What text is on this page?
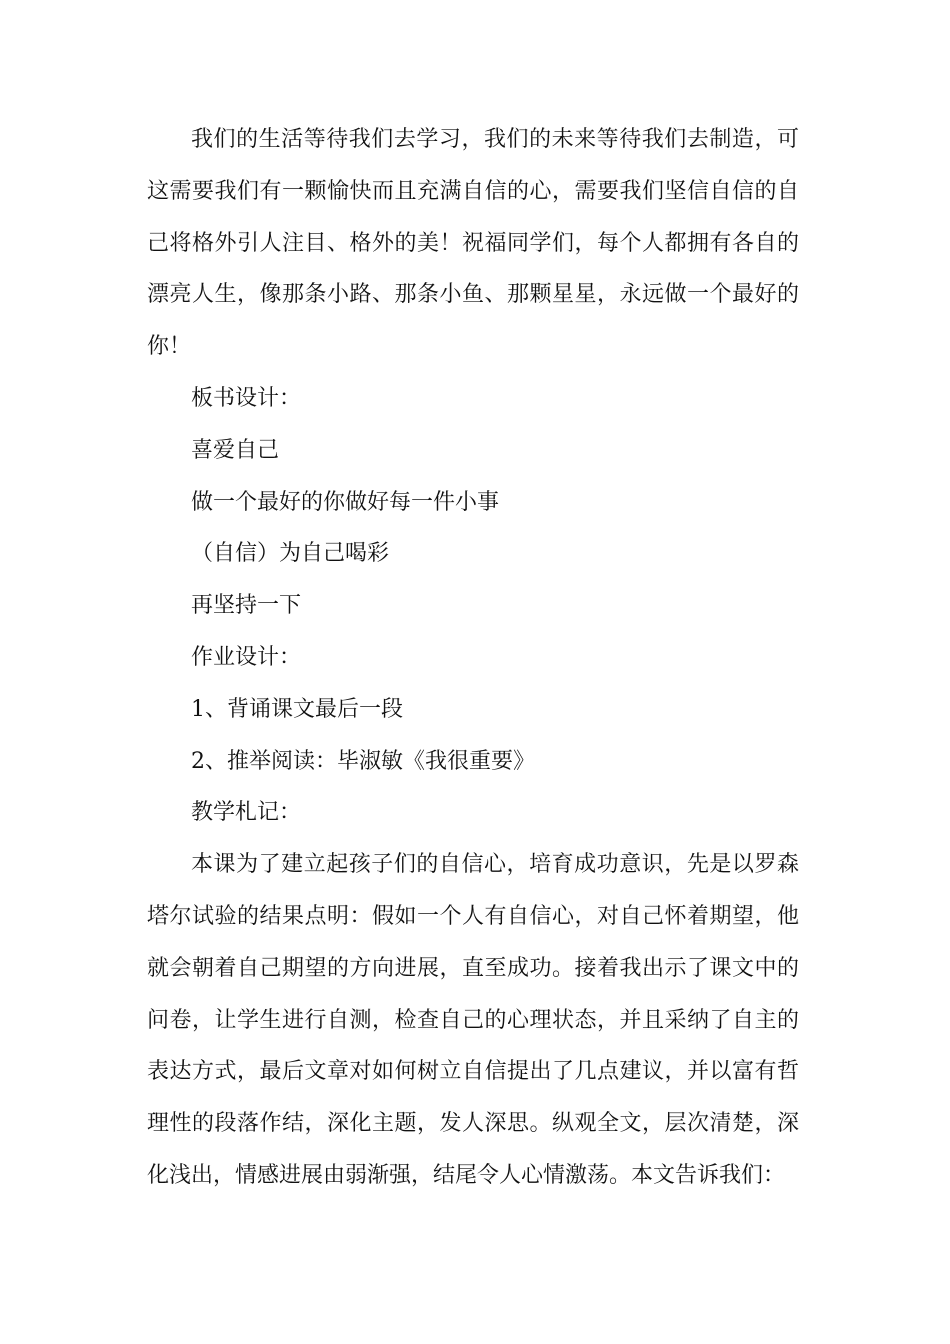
我们的生活等待我们去学习，我们的未来等待我们去制造，可这需要我们有一颗愉快而且充满自信的心，需要我们坚信自信的自己将格外引人注目、格外的美！祝福同学们，每个人都拥有各自的漂亮人生，像那条小路、那条小鱼、那颗星星，永远做一个最好的你！

板书设计：

喜爱自己

做一个最好的你做好每一件小事

（自信）为自己喝彩

再坚持一下

作业设计：

1、背诵课文最后一段

2、推举阅读：毕淑敏《我很重要》

教学札记：

本课为了建立起孩子们的自信心，培育成功意识，先是以罗森塔尔试验的结果点明：假如一个人有自信心，对自己怀着期望，他就会朝着自己期望的方向进展，直至成功。接着我出示了课文中的问卷，让学生进行自测，检查自己的心理状态，并且采纳了自主的表达方式，最后文章对如何树立自信提出了几点建议，并以富有哲理性的段落作结，深化主题，发人深思。纵观全文，层次清楚，深化浅出，情感进展由弱渐强，结尾令人心情激荡。本文告诉我们：
